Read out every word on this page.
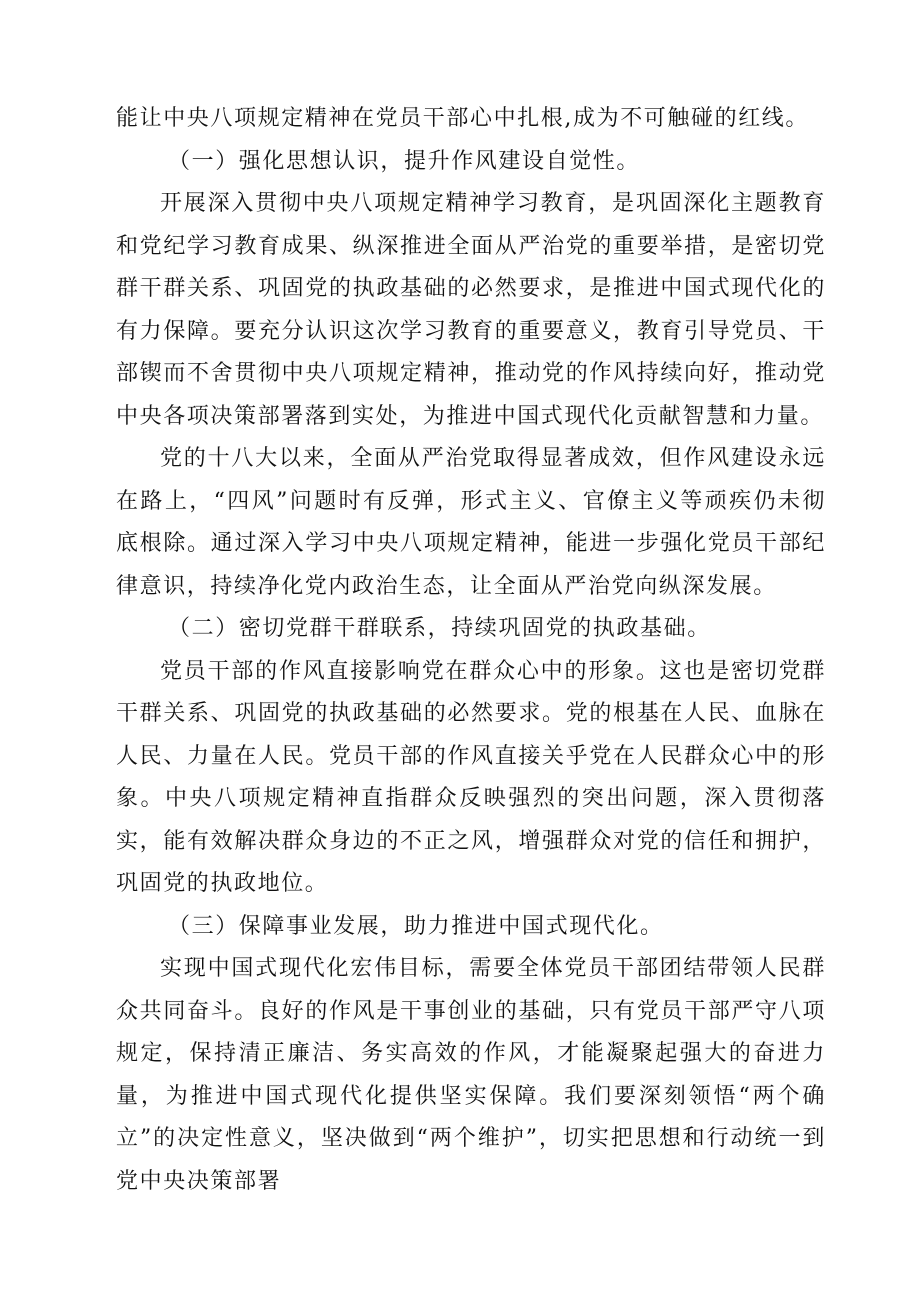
能让中央八项规定精神在党员干部心中扎根,成为不可触碰的红线。

（一）强化思想认识，提升作风建设自觉性。

开展深入贯彻中央八项规定精神学习教育，是巩固深化主题教育和党纪学习教育成果、纵深推进全面从严治党的重要举措，是密切党群干群关系、巩固党的执政基础的必然要求，是推进中国式现代化的有力保障。要充分认识这次学习教育的重要意义，教育引导党员、干部锲而不舍贯彻中央八项规定精神，推动党的作风持续向好，推动党中央各项决策部署落到实处，为推进中国式现代化贡献智慧和力量。

党的十八大以来，全面从严治党取得显著成效，但作风建设永远在路上，“四风”问题时有反弹，形式主义、官僚主义等顽疾仍未彻底根除。通过深入学习中央八项规定精神，能进一步强化党员干部纪律意识，持续净化党内政治生态，让全面从严治党向纵深发展。

（二）密切党群干群联系，持续巩固党的执政基础。

党员干部的作风直接影响党在群众心中的形象。这也是密切党群干群关系、巩固党的执政基础的必然要求。党的根基在人民、血脉在人民、力量在人民。党员干部的作风直接关乎党在人民群众心中的形象。中央八项规定精神直指群众反映强烈的突出问题，深入贯彻落实，能有效解决群众身边的不正之风，增强群众对党的信任和拥护，巩固党的执政地位。

（三）保障事业发展，助力推进中国式现代化。

实现中国式现代化宏伟目标，需要全体党员干部团结带领人民群众共同奋斗。良好的作风是干事创业的基础，只有党员干部严守八项规定，保持清正廉洁、务实高效的作风，才能凝聚起强大的奋进力量，为推进中国式现代化提供坚实保障。我们要深刻领悟“两个确立”的决定性意义，坚决做到“两个维护”，切实把思想和行动统一到党中央决策部署
